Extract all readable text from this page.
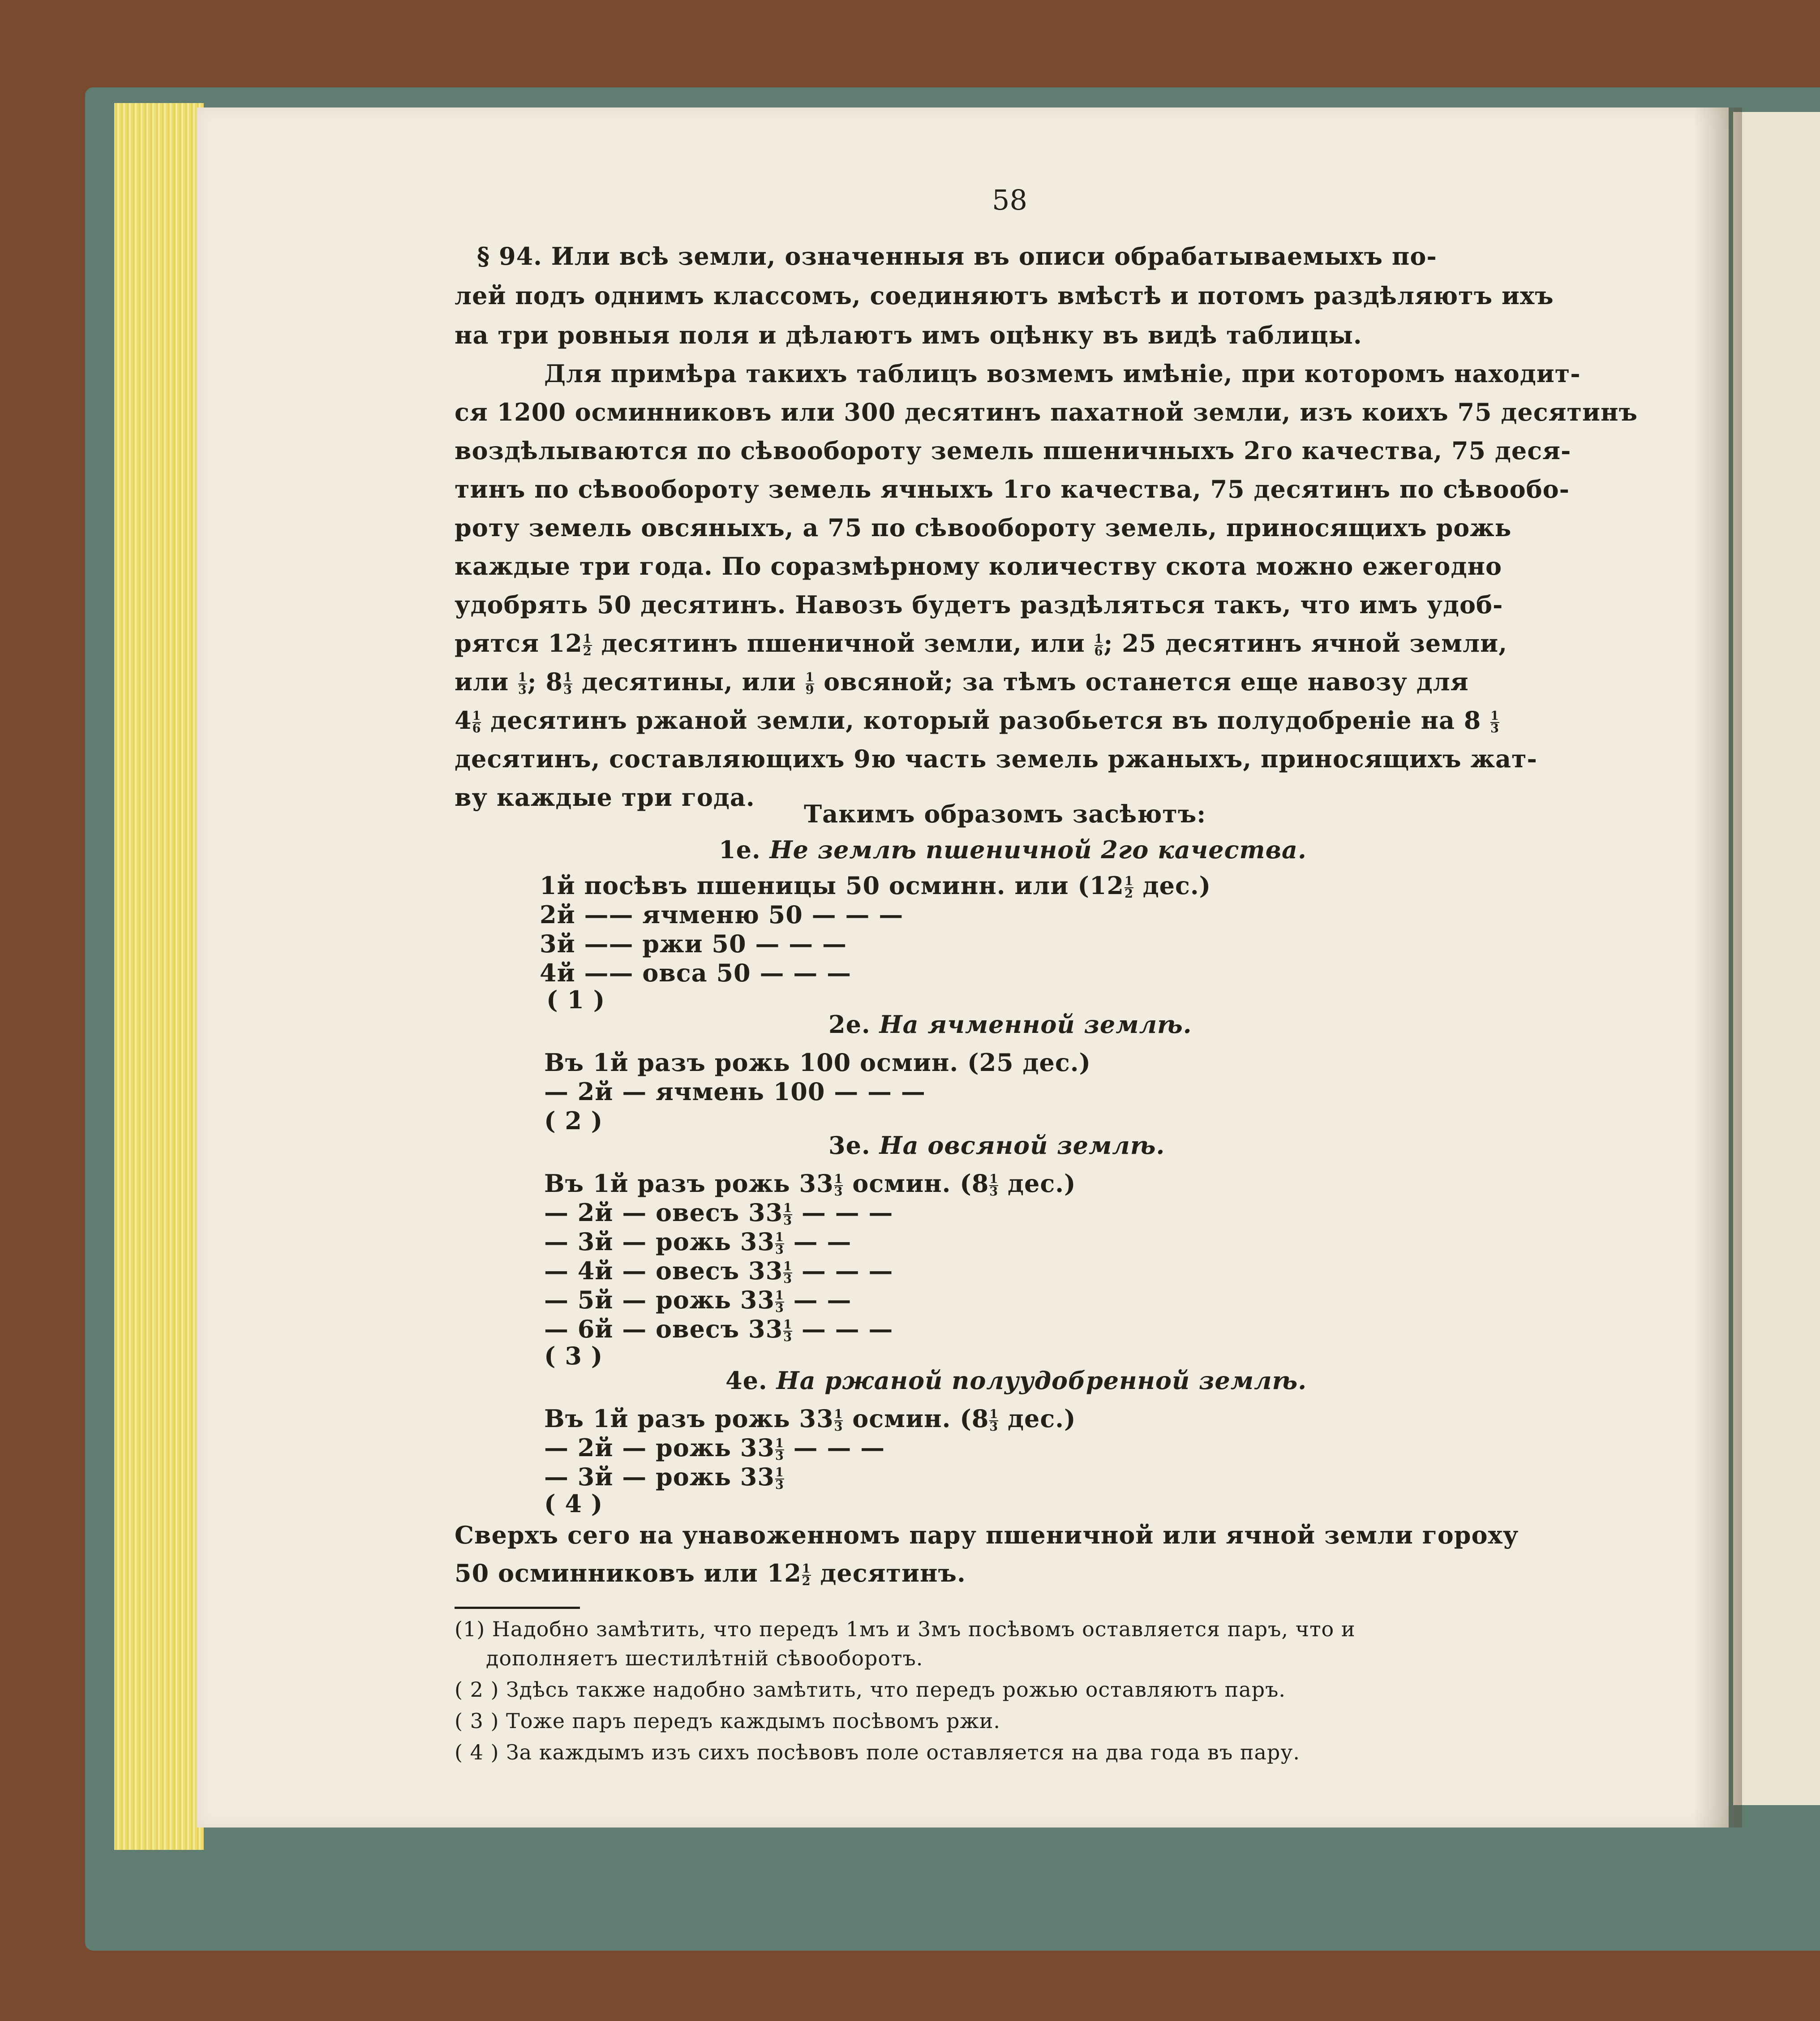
58
§ 94. Или всѣ земли, означенныя въ описи обрабатываемыхъ по-
лей подъ однимъ классомъ, соединяютъ вмѣстѣ и потомъ раздѣляютъ ихъ
на три ровныя поля и дѣлаютъ имъ оцѣнку въ видѣ таблицы.
Для примѣра такихъ таблицъ возмемъ имѣніе, при которомъ находит-
ся 1200 осминниковъ или 300 десятинъ пахатной земли, изъ коихъ 75 десятинъ
воздѣлываются по сѣвообороту земель пшеничныхъ 2го качества, 75 деся-
тинъ по сѣвообороту земель ячныхъ 1го качества, 75 десятинъ по сѣвообо-
роту земель овсяныхъ, а 75 по сѣвообороту земель, приносящихъ рожь
каждые три года. По соразмѣрному количеству скота можно ежегодно
удобрять 50 десятинъ. Навозъ будетъ раздѣляться такъ, что имъ удоб-
рятся $12 \frac{1}{2}$ десятинъ пшеничной земли, или $\frac{1}{6}$ ; 25 десятинъ ячной земли,
или $\frac{1}{3}$ ; $8 \frac{1}{3}$ десятины, или $\frac{1}{9}$ овсяной; за тѣмъ останется еще навозу для
$4 \frac{1}{6}$ десятинъ ржаной земли, который разобьется въ полудобреніе на $8 \frac{1}{3}$
десятинъ, составляющихъ 9ю часть земель ржаныхъ, приносящихъ жат-
ву каждые три года.
Такимъ образомъ засѣютъ:
1е. Не землѣ пшеничной 2го качества.
1й посѣвъ пшеницы 50 осминн. или $(12 \frac{1}{2} дес.)$
2й —— ячменю 50 — — —
3й —— ржи 50 — — —
4й —— овса 50 — — —
( 1 )
2е. На ячменной землѣ.
Въ 1й разъ рожь 100 осмин. (25 дес.)
— 2й — ячмень 100 — — —
( 2 )
3е. На овсяной землѣ.
Въ 1й разъ рожь $33 \frac{1}{3}$ осмин. $(8 \frac{1}{3} дес.)$
— 2й — овесъ $33 \frac{1}{3}$ — — —
— 3й — рожь $33 \frac{1}{3}$ — —
— 4й — овесъ $33 \frac{1}{3}$ — — —
— 5й — рожь $33 \frac{1}{3}$ — —
— 6й — овесъ $33 \frac{1}{3}$ — — —
( 3 )
4е. На ржаной полуудобренной землѣ.
Въ 1й разъ рожь $33 \frac{1}{3}$ осмин. $(8 \frac{1}{3} дес.)$
— 2й — рожь $33 \frac{1}{3}$ — — —
— 3й — рожь $33 \frac{1}{3}$
( 4 )
Сверхъ сего на унавоженномъ пару пшеничной или ячной земли гороху
50 осминниковъ или $12 \frac{1}{2}$ десятинъ.
(1) Надобно замѣтить, что передъ 1мъ и 3мъ посѣвомъ оставляется паръ, что и
дополняетъ шестилѣтній сѣвооборотъ.
( 2 ) Здѣсь также надобно замѣтить, что передъ рожью оставляютъ паръ.
( 3 ) Тоже паръ передъ каждымъ посѣвомъ ржи.
( 4 ) За каждымъ изъ сихъ посѣвовъ поле оставляется на два года въ пару.
